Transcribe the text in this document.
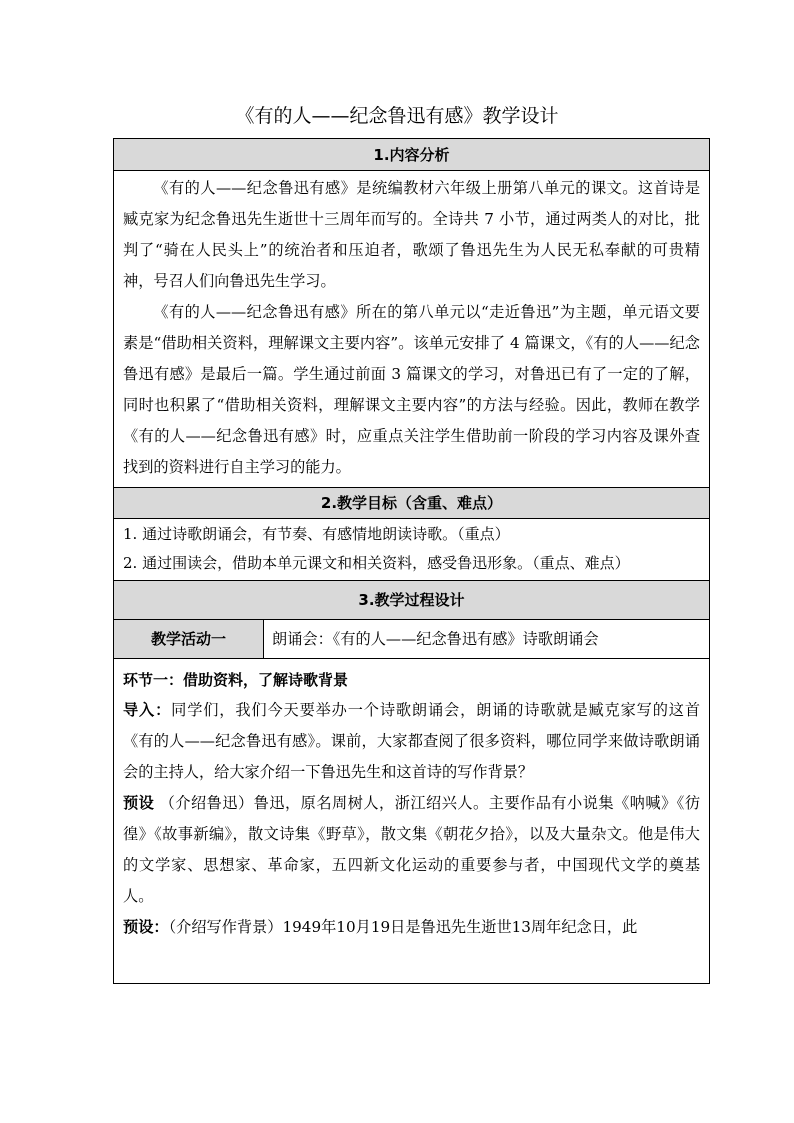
《有的人——纪念鲁迅有感》教学设计
1.内容分析

《有的人——纪念鲁迅有感》是统编教材六年级上册第八单元的课文。这首诗是臧克家为纪念鲁迅先生逝世十三周年而写的。全诗共 7 小节，通过两类人的对比，批判了“骑在人民头上”的统治者和压迫者，歌颂了鲁迅先生为人民无私奉献的可贵精神，号召人们向鲁迅先生学习。

《有的人——纪念鲁迅有感》所在的第八单元以“走近鲁迅”为主题，单元语文要素是“借助相关资料，理解课文主要内容”。该单元安排了 4 篇课文，《有的人——纪念鲁迅有感》是最后一篇。学生通过前面 3 篇课文的学习，对鲁迅已有了一定的了解，同时也积累了“借助相关资料，理解课文主要内容”的方法与经验。因此，教师在教学《有的人——纪念鲁迅有感》时，应重点关注学生借助前一阶段的学习内容及课外查找到的资料进行自主学习的能力。

2.教学目标（含重、难点）
1. 通过诗歌朗诵会，有节奏、有感情地朗读诗歌。（重点）
2. 通过围读会，借助本单元课文和相关资料，感受鲁迅形象。（重点、难点）
3.教学过程设计
教学活动一	朗诵会：《有的人——纪念鲁迅有感》诗歌朗诵会

环节一：借助资料，了解诗歌背景

导入：同学们，我们今天要举办一个诗歌朗诵会，朗诵的诗歌就是臧克家写的这首《有的人——纪念鲁迅有感》。课前，大家都查阅了很多资料，哪位同学来做诗歌朗诵会的主持人，给大家介绍一下鲁迅先生和这首诗的写作背景？

预设 （介绍鲁迅）鲁迅，原名周树人，浙江绍兴人。主要作品有小说集《呐喊》《彷徨》《故事新编》，散文诗集《野草》，散文集《朝花夕拾》，以及大量杂文。他是伟大的文学家、思想家、革命家，五四新文化运动的重要参与者，中国现代文学的奠基人。

预设：（介绍写作背景）1949年10月19日是鲁迅先生逝世13周年纪念日，此
